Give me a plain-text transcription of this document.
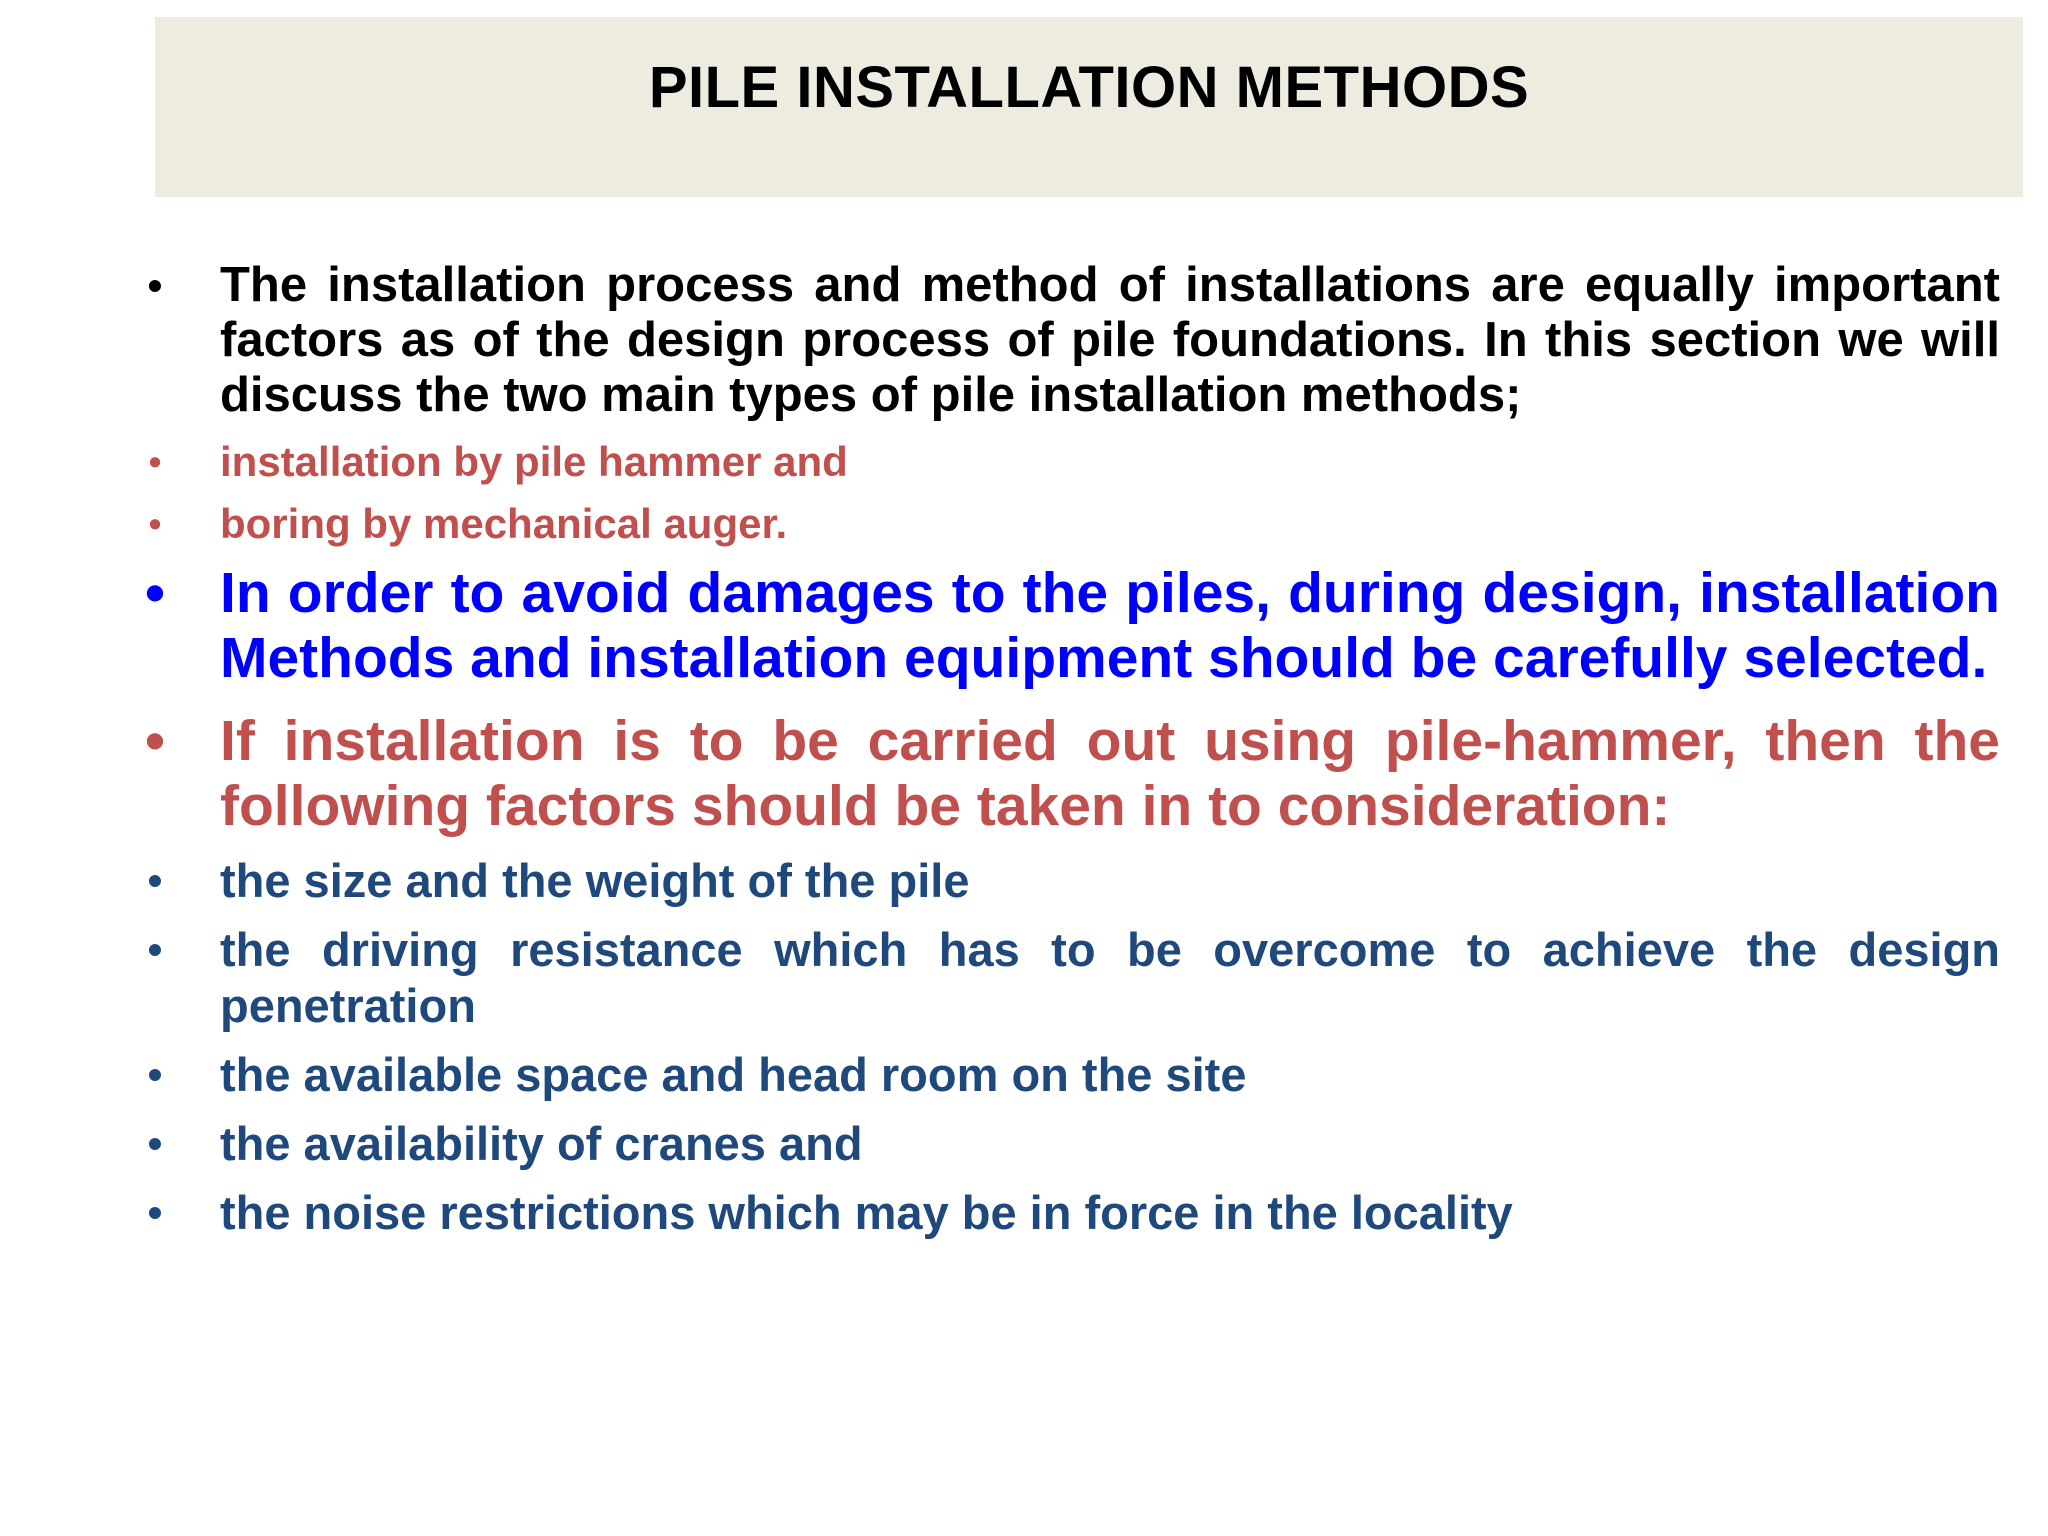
PILE INSTALLATION METHODS
• The installation process and method of installations are equally important factors as of the design process of pile foundations. In this section we will discuss the two main types of pile installation methods;
• installation by pile hammer and
• boring by mechanical auger.
• In order to avoid damages to the piles, during design, installation Methods and installation equipment should be carefully selected.
• If installation is to be carried out using pile-hammer, then the following factors should be taken in to consideration:
• the size and the weight of the pile
• the driving resistance which has to be overcome to achieve the design penetration
• the available space and head room on the site
• the availability of cranes and
• the noise restrictions which may be in force in the locality
